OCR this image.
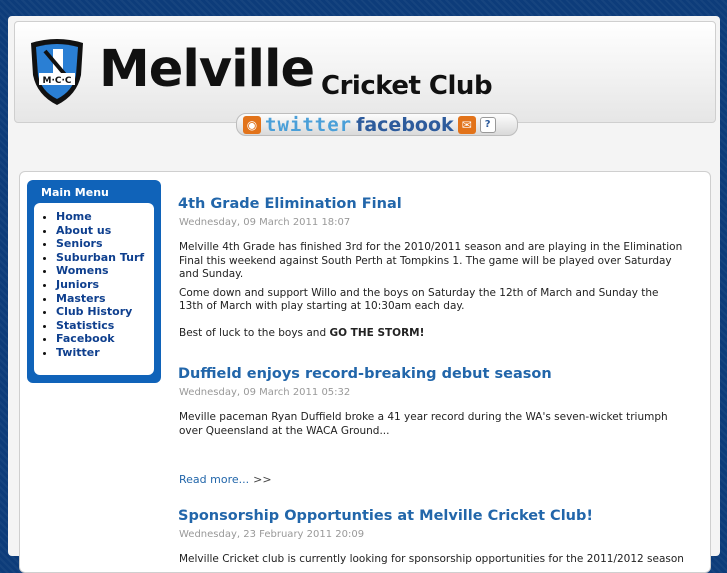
M·C·C Melville Cricket Club
◉ twitter facebook ✉	?
Main Menu
• Home
• About us
• Seniors
• Suburban Turf
• Womens
• Juniors
• Masters
• Club History
• Statistics
• Facebook
• Twitter
4th Grade Elimination Final
Wednesday, 09 March 2011 18:07

Melville 4th Grade has finished 3rd for the 2010/2011 season and are playing in the Elimination Final this weekend against South Perth at Tompkins 1. The game will be played over Saturday and Sunday.

Come down and support Willo and the boys on Saturday the 12th of March and Sunday the 13th of March with play starting at 10:30am each day.

Best of luck to the boys and GO THE STORM!

Duffield enjoys record-breaking debut season
Wednesday, 09 March 2011 05:32

Meville paceman Ryan Duffield broke a 41 year record during the WA's seven-wicket triumph over Queensland at the WACA Ground...

Read more... >>
Sponsorship Opportunties at Melville Cricket Club!
Wednesday, 23 February 2011 20:09

Melville Cricket club is currently looking for sponsorship opportunities for the 2011/2012 season
